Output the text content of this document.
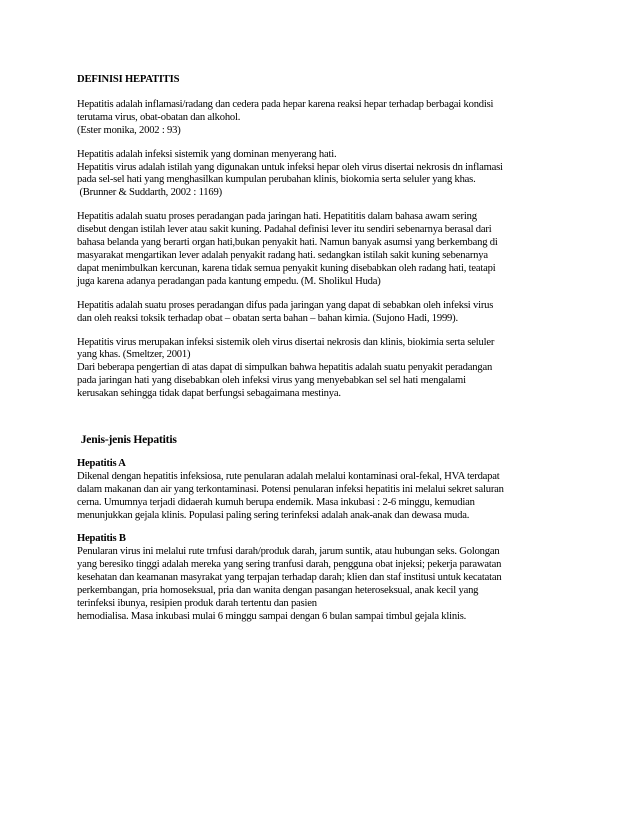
DEFINISI HEPATITIS

Hepatitis adalah inflamasi/radang dan cedera pada hepar karena reaksi hepar terhadap berbagai kondisi
terutama virus, obat-obatan dan alkohol.
(Ester monika, 2002 : 93)

Hepatitis adalah infeksi sistemik yang dominan menyerang hati.
Hepatitis virus adalah istilah yang digunakan untuk infeksi hepar oleh virus disertai nekrosis dn inflamasi
pada sel-sel hati yang menghasilkan kumpulan perubahan klinis, biokomia serta seluler yang khas.
(Brunner & Suddarth, 2002 : 1169)

Hepatitis adalah suatu proses peradangan pada jaringan hati. Hepatititis dalam bahasa awam sering
disebut dengan istilah lever atau sakit kuning. Padahal definisi lever itu sendiri sebenarnya berasal dari
bahasa belanda yang berarti organ hati,bukan penyakit hati. Namun banyak asumsi yang berkembang di
masyarakat mengartikan lever adalah penyakit radang hati. sedangkan istilah sakit kuning sebenarnya
dapat menimbulkan kercunan, karena tidak semua penyakit kuning disebabkan oleh radang hati, teatapi
juga karena adanya peradangan pada kantung empedu. (M. Sholikul Huda)

Hepatitis adalah suatu proses peradangan difus pada jaringan yang dapat di sebabkan oleh infeksi virus
dan oleh reaksi toksik terhadap obat – obatan serta bahan – bahan kimia. (Sujono Hadi, 1999).

Hepatitis virus merupakan infeksi sistemik oleh virus disertai nekrosis dan klinis, biokimia serta seluler
yang khas. (Smeltzer, 2001)
Dari beberapa pengertian di atas dapat di simpulkan bahwa hepatitis adalah suatu penyakit peradangan
pada jaringan hati yang disebabkan oleh infeksi virus yang menyebabkan sel sel hati mengalami
kerusakan sehingga tidak dapat berfungsi sebagaimana mestinya.

Jenis-jenis Hepatitis

Hepatitis A

Dikenal dengan hepatitis infeksiosa, rute penularan adalah melalui kontaminasi oral-fekal, HVA terdapat
dalam makanan dan air yang terkontaminasi. Potensi penularan infeksi hepatitis ini melalui sekret saluran
cerna. Umumnya terjadi didaerah kumuh berupa endemik. Masa inkubasi : 2-6 minggu, kemudian
menunjukkan gejala klinis. Populasi paling sering terinfeksi adalah anak-anak dan dewasa muda.

Hepatitis B

Penularan virus ini melalui rute trnfusi darah/produk darah, jarum suntik, atau hubungan seks. Golongan
yang beresiko tinggi adalah mereka yang sering tranfusi darah, pengguna obat injeksi; pekerja parawatan
kesehatan dan keamanan masyrakat yang terpajan terhadap darah; klien dan staf institusi untuk kecatatan
perkembangan, pria homoseksual, pria dan wanita dengan pasangan heteroseksual, anak kecil yang
terinfeksi ibunya, resipien produk darah tertentu dan pasien
hemodialisa. Masa inkubasi mulai 6 minggu sampai dengan 6 bulan sampai timbul gejala klinis.
